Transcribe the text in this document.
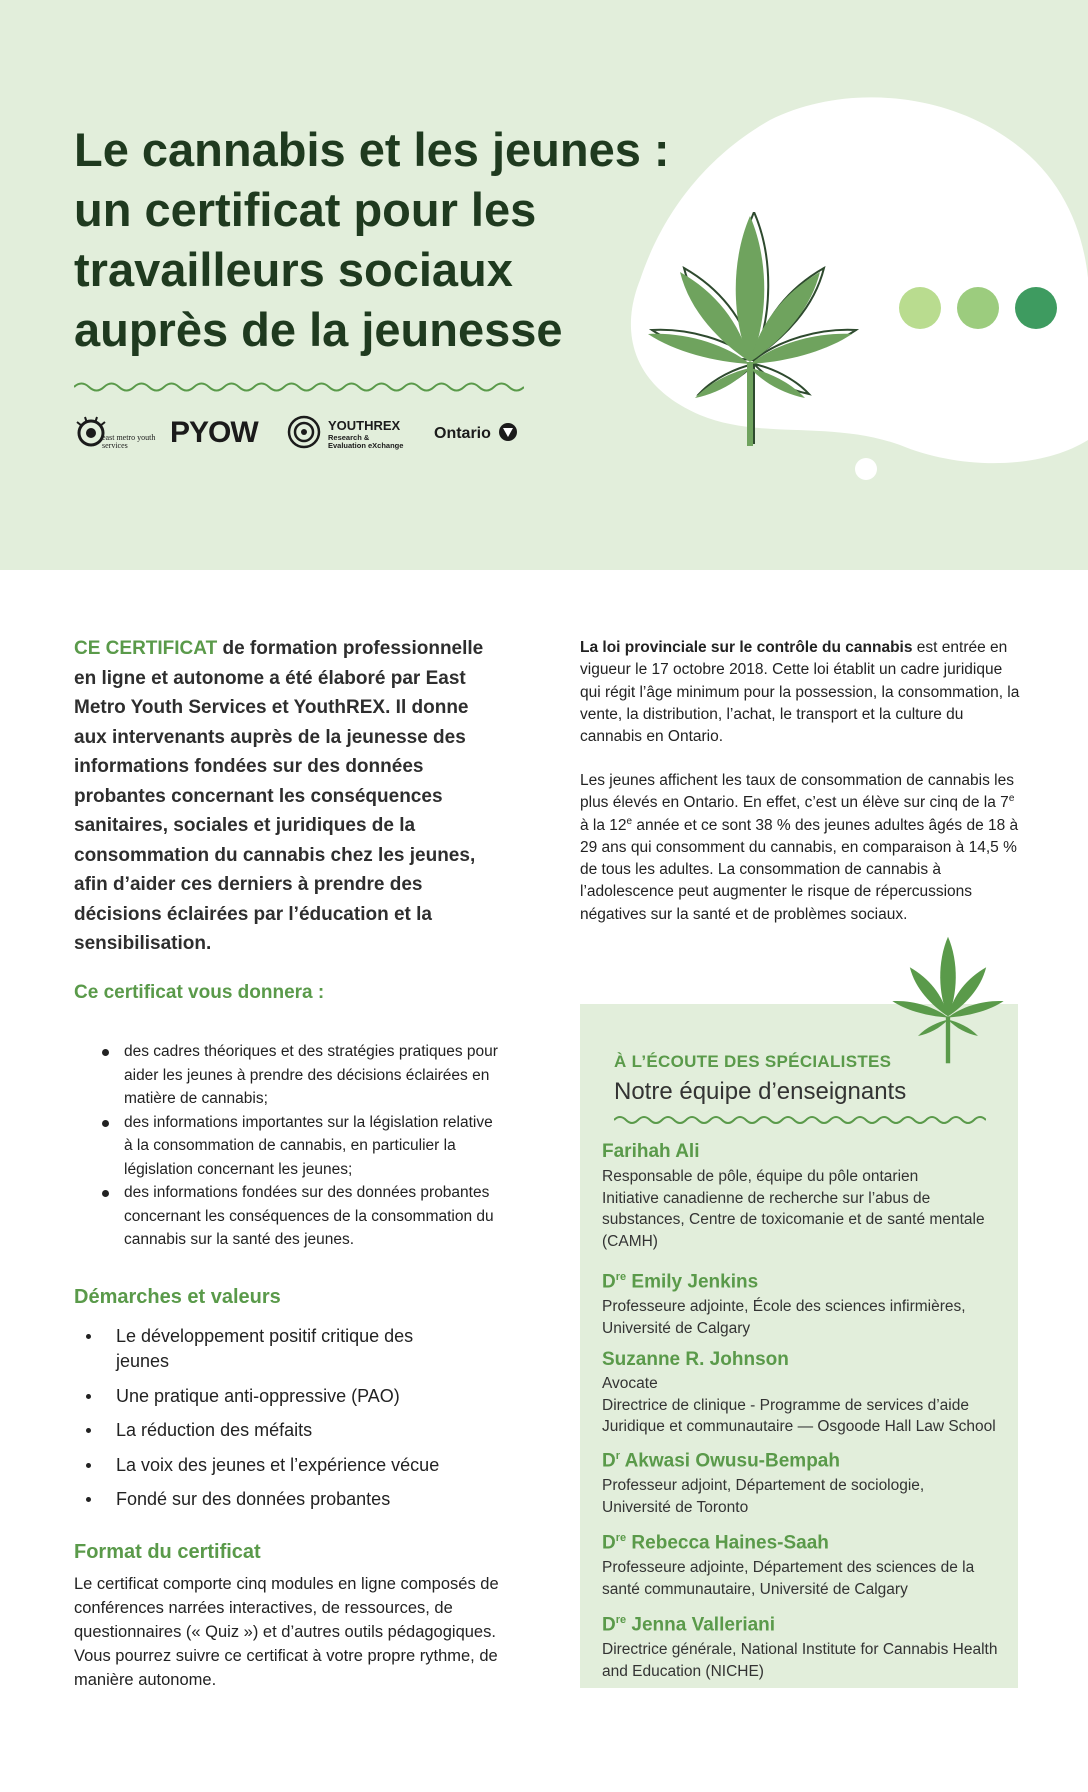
Le cannabis et les jeunes : un certificat pour les travailleurs sociaux auprès de la jeunesse
east metro youth services	PYOW	YOUTHREX
Research &
Evaluation eXchange
Ontario

CE CERTIFICAT de formation professionnelle en ligne et autonome a été élaboré par East Metro Youth Services et YouthREX. Il donne aux intervenants auprès de la jeunesse des informations fondées sur des données probantes concernant les conséquences sanitaires, sociales et juridiques de la consommation du cannabis chez les jeunes, afin d’aider ces derniers à prendre des décisions éclairées par l’éducation et la sensibilisation.

Ce certificat vous donnera :
des cadres théoriques et des stratégies pratiques pour aider les jeunes à prendre des décisions éclairées en matière de cannabis;
des informations importantes sur la législation relative à la consommation de cannabis, en particulier la législation concernant les jeunes;
des informations fondées sur des données probantes concernant les conséquences de la consommation du cannabis sur la santé des jeunes.
Démarches et valeurs
Le développement positif critique des jeunes
Une pratique anti-oppressive (PAO)
La réduction des méfaits
La voix des jeunes et l’expérience vécue
Fondé sur des données probantes
Format du certificat

Le certificat comporte cinq modules en ligne composés de conférences narrées interactives, de ressources, de questionnaires (« Quiz ») et d’autres outils pédagogiques. Vous pourrez suivre ce certificat à votre propre rythme, de manière autonome.

La loi provinciale sur le contrôle du cannabis est entrée en vigueur le 17 octobre 2018. Cette loi établit un cadre juridique qui régit l’âge minimum pour la possession, la consommation, la vente, la distribution, l’achat, le transport et la culture du cannabis en Ontario.

Les jeunes affichent les taux de consommation de cannabis les plus élevés en Ontario. En effet, c’est un élève sur cinq de la 7e à la 12e année et ce sont 38 % des jeunes adultes âgés de 18 à 29 ans qui consomment du cannabis, en comparaison à 14,5 % de tous les adultes. La consommation de cannabis à l’adolescence peut augmenter le risque de répercussions négatives sur la santé et de problèmes sociaux.

À L’ÉCOUTE DES SPÉCIALISTES

Notre équipe d’enseignants

Farihah Ali

Responsable de pôle, équipe du pôle ontarien
Initiative canadienne de recherche sur l’abus de substances, Centre de toxicomanie et de santé mentale (CAMH)

Dre Emily Jenkins

Professeure adjointe, École des sciences infirmières,
Université de Calgary

Suzanne R. Johnson

Avocate
Directrice de clinique - Programme de services d’aide Juridique et communautaire — Osgoode Hall Law School

$D^r$ Akwasi Owusu-Bempah

Professeur adjoint, Département de sociologie,
Université de Toronto

Dre Rebecca Haines-Saah

Professeure adjointe, Département des sciences de la santé communautaire, Université de Calgary

Dre Jenna Valleriani

Directrice générale, National Institute for Cannabis Health and Education (NICHE)
